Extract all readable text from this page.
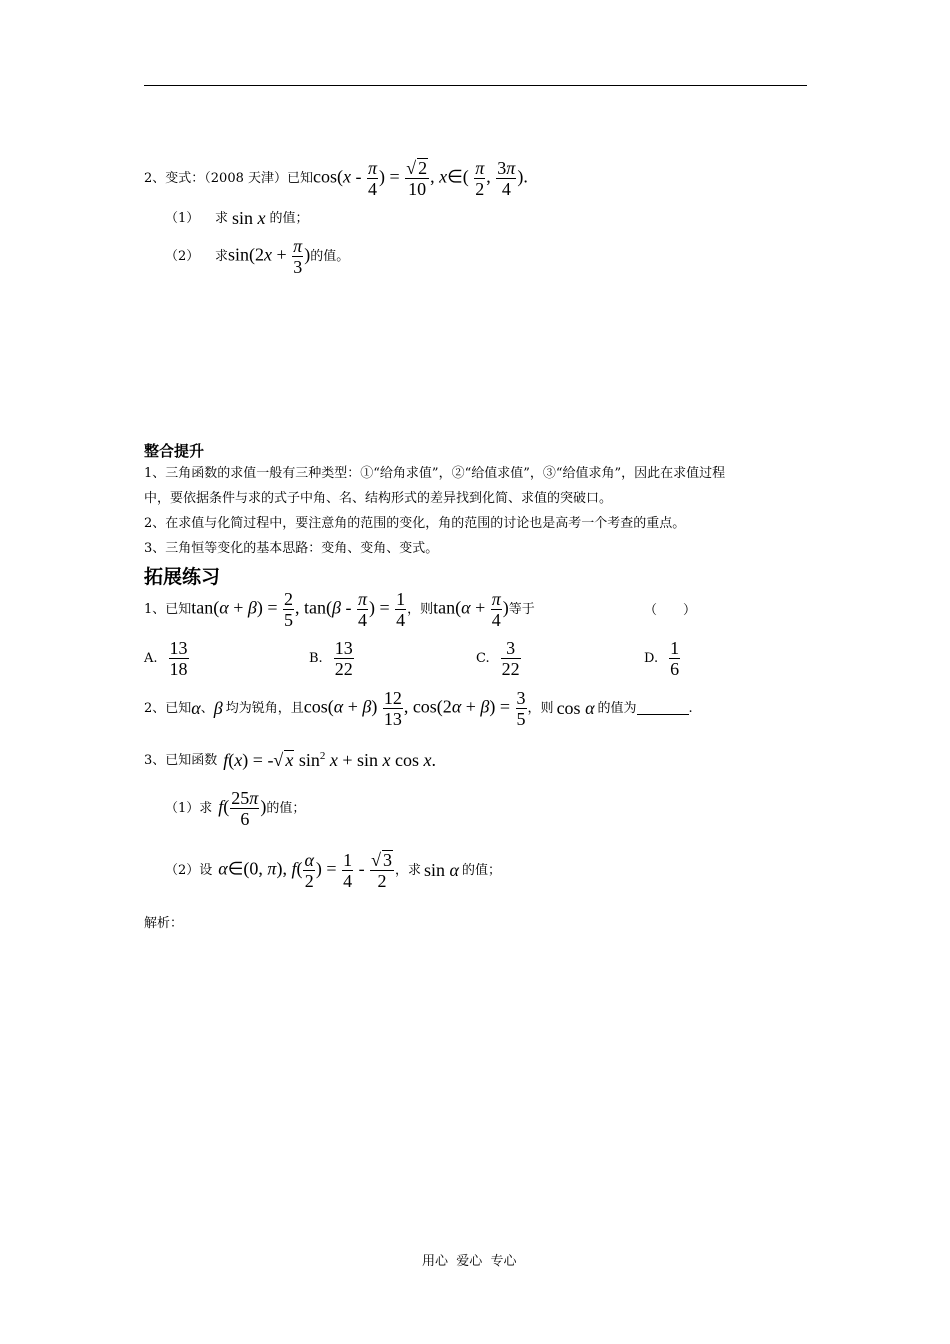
2、变式：（2008 天津）已知 $\cos(x - \frac{\pi}{4}$ ) = $\frac{√ 2}{10}$ , x∈( $\frac{\pi}{2}$ , $\frac{3\pi}{4}$ ).
（1）	求 sin x 的值；
（2）	求 $\sin(2x + \frac{\pi}{3}$ ) 的值。
整合提升
1、三角函数的求值一般有三种类型：①“给角求值”，②“给值求值”，③“给值求角”，因此在求值过程
中，要依据条件与求的式子中角、名、结构形式的差异找到化简、求值的突破口。
2、在求值与化简过程中，要注意角的范围的变化，角的范围的讨论也是高考一个考查的重点。
3、三角恒等变化的基本思路：变角、变角、变式。
拓展练习
1、已知 $\tan(\alpha + \beta) = \frac{2}{5}$ , $\tan(\beta - \frac{\pi}{4}$ ) = $\frac{1}{4}$ ，则 $\tan(\alpha + \frac{\pi}{4}$ ) 等于	（　　）
A. $\frac{13}{18}$	B. $\frac{13}{22}$	C. $\frac{3}{22}$	D. $\frac{1}{6}$
2、已知 α 、 β 均为锐角，且 $\cos(\alpha + \beta) \frac{12}{13}$ , $\cos(2\alpha + \beta) = \frac{3}{5}$ ，则 cos α 的值为	.
3、已知函数 f(x) = -√ x $\sin^2 x + \sin x$ cos x.
（1）求 $f( \frac{25\pi}{6}$ ) 的值；
（2）设 α∈(0, π), $f( \frac{\alpha}{2}$ ) = $\frac{1}{4} - \frac{√ 3}{2}$ ，求 sin α 的值；
解析：
用心  爱心  专心
